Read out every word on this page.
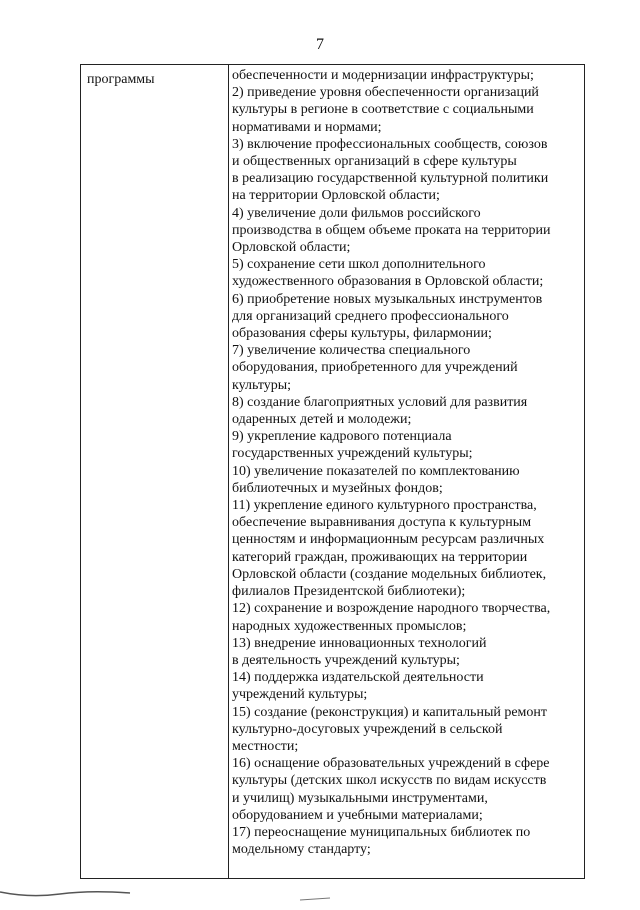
7
программы	обеспеченности и модернизации инфраструктуры;
2) приведение уровня обеспеченности организаций
культуры в регионе в соответствие с социальными
нормативами и нормами;
3) включение профессиональных сообществ, союзов
и общественных организаций в сфере культуры
в реализацию государственной культурной политики
на территории Орловской области;
4) увеличение доли фильмов российского
производства в общем объеме проката на территории
Орловской области;
5) сохранение сети школ дополнительного
художественного образования в Орловской области;
6) приобретение новых музыкальных инструментов
для организаций среднего профессионального
образования сферы культуры, филармонии;
7) увеличение количества специального
оборудования, приобретенного для учреждений
культуры;
8) создание благоприятных условий для развития
одаренных детей и молодежи;
9) укрепление кадрового потенциала
государственных учреждений культуры;
10) увеличение показателей по комплектованию
библиотечных и музейных фондов;
11) укрепление единого культурного пространства,
обеспечение выравнивания доступа к культурным
ценностям и информационным ресурсам различных
категорий граждан, проживающих на территории
Орловской области (создание модельных библиотек,
филиалов Президентской библиотеки);
12) сохранение и возрождение народного творчества,
народных художественных промыслов;
13) внедрение инновационных технологий
в деятельность учреждений культуры;
14) поддержка издательской деятельности
учреждений культуры;
15) создание (реконструкция) и капитальный ремонт
культурно-досуговых учреждений в сельской
местности;
16) оснащение образовательных учреждений в сфере
культуры (детских школ искусств по видам искусств
и училищ) музыкальными инструментами,
оборудованием и учебными материалами;
17) переоснащение муниципальных библиотек по
модельному стандарту;
